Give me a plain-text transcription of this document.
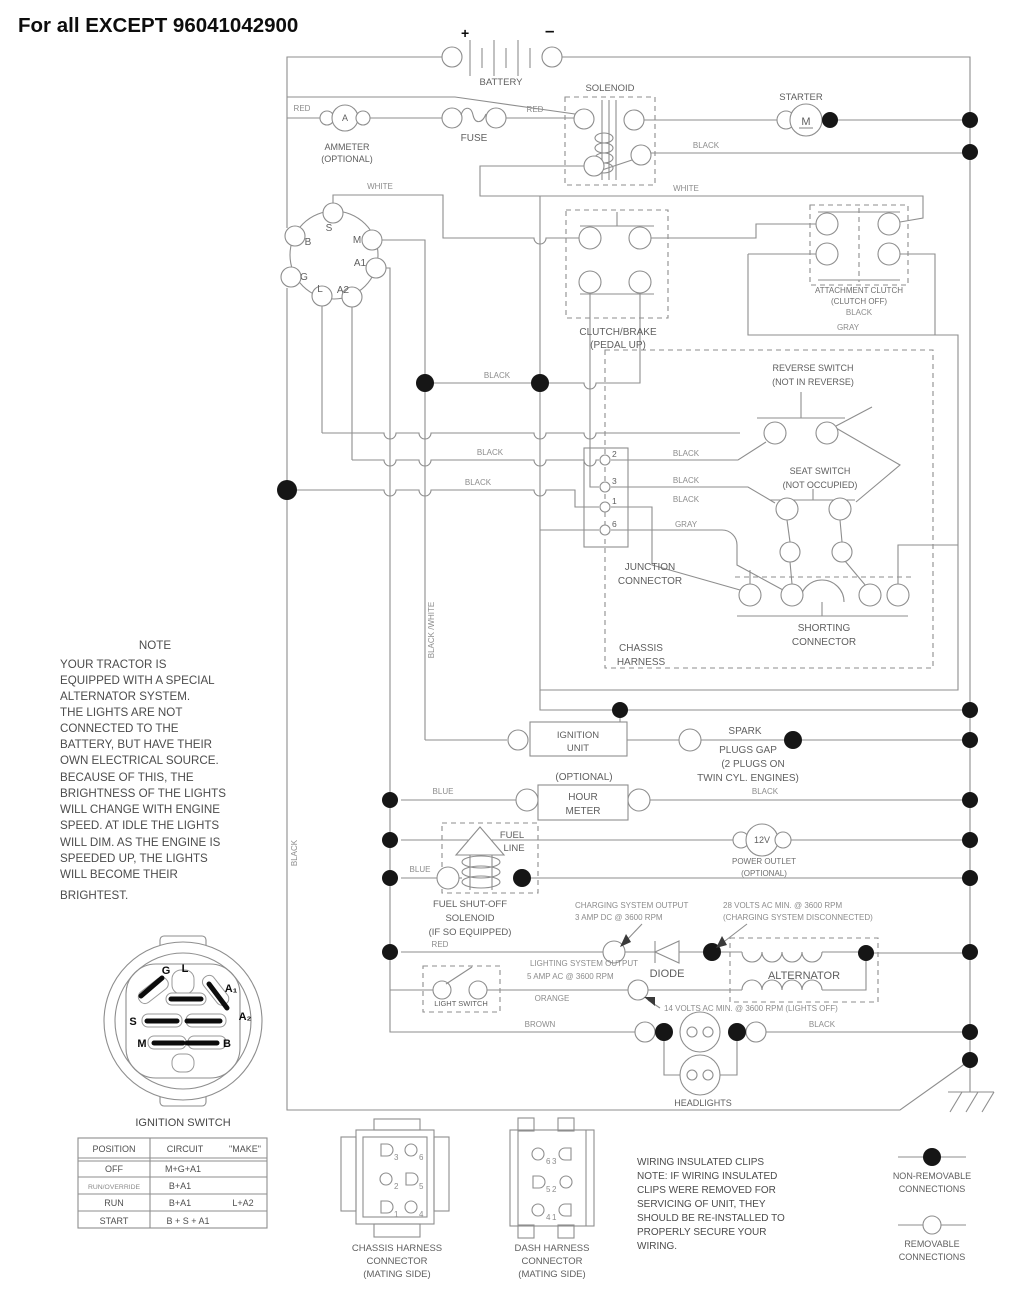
For all EXCEPT 96041042900	+	–
BATTERY
RED
A
AMMETER
(OPTIONAL)
FUSE
RED
SOLENOID
STARTER
M
BLACK
WHITE	WHITE
S
B	M
A1
G
L A2
CLUTCH/BRAKE
(PEDAL UP)
ATTACHMENT CLUTCH
(CLUTCH OFF)
BLACK
GRAY
REVERSE SWITCH
(NOT IN REVERSE)
SEAT SWITCH
(NOT OCCUPIED)
BLACK
BLACK
BLACK
BLACK
BLACK
BLACK
GRAY
2
3
1
6
JUNCTION
CONNECTOR
CHASSIS
HARNESS
SHORTING
CONNECTOR
BLACK /WHITE
BLACK
IGNITION
UNIT
SPARK
PLUGS GAP
(2 PLUGS ON
TWIN CYL. ENGINES)
(OPTIONAL)
HOUR
METER
BLUE	BLACK
FUEL
LINE
BLUE
12V
POWER OUTLET
(OPTIONAL)
FUEL SHUT-OFF
SOLENOID
(IF SO EQUIPPED)
CHARGING SYSTEM OUTPUT
3 AMP DC @ 3600 RPM
28 VOLTS AC MIN. @ 3600 RPM
(CHARGING SYSTEM DISCONNECTED)
RED
DIODE	ALTERNATOR
LIGHTING SYSTEM OUTPUT
5 AMP AC @ 3600 RPM
14 VOLTS AC MIN. @ 3600 RPM (LIGHTS OFF)
ORANGE
LIGHT SWITCH
BROWN	BLACK
HEADLIGHTS
NOTE
YOUR TRACTOR IS
EQUIPPED WITH A SPECIAL
ALTERNATOR SYSTEM.
THE LIGHTS ARE NOT
CONNECTED TO THE
BATTERY, BUT HAVE THEIR
OWN ELECTRICAL SOURCE.
BECAUSE OF THIS, THE
BRIGHTNESS OF THE LIGHTS
WILL CHANGE WITH ENGINE
SPEED. AT IDLE THE LIGHTS
WILL DIM. AS THE ENGINE IS
SPEEDED UP, THE LIGHTS
WILL BECOME THEIR
BRIGHTEST.
G L
A₁
A₂
S
M	B
IGNITION SWITCH
POSITION	CIRCUIT	"MAKE"
OFF	M+G+A1
RUN/OVERRIDE	B+A1
RUN	B+A1	L+A2
START	B + S + A1
3	6
2	5
1	4
CHASSIS HARNESS
CONNECTOR
(MATING SIDE)
6 3
5 2
4 1
DASH HARNESS
CONNECTOR
(MATING SIDE)
WIRING INSULATED CLIPS
NOTE: IF WIRING INSULATED
CLIPS WERE REMOVED FOR
SERVICING OF UNIT, THEY
SHOULD BE RE-INSTALLED TO
PROPERLY SECURE YOUR
WIRING.
NON-REMOVABLE
CONNECTIONS
REMOVABLE
CONNECTIONS
